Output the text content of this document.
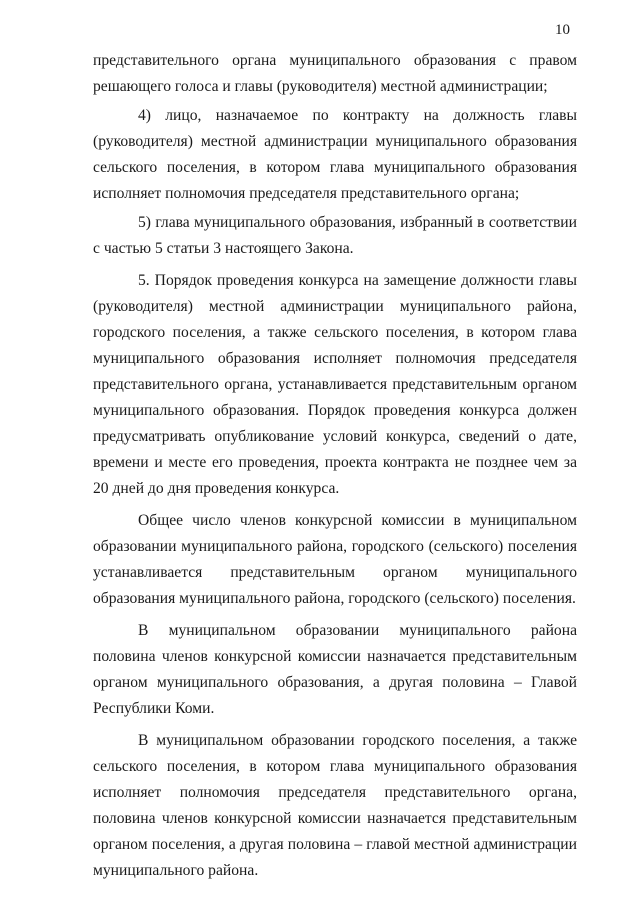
10

представительного органа муниципального образования с правом решающего голоса и главы (руководителя) местной администрации;

4) лицо, назначаемое по контракту на должность главы (руководителя) местной администрации муниципального образования сельского поселения, в котором глава муниципального образования исполняет полномочия председателя представительного органа;

5) глава муниципального образования, избранный в соответствии с частью 5 статьи 3 настоящего Закона.

5. Порядок проведения конкурса на замещение должности главы (руководителя) местной администрации муниципального района, городского поселения, а также сельского поселения, в котором глава муниципального образования исполняет полномочия председателя представительного органа, устанавливается представительным органом муниципального образования. Порядок проведения конкурса должен предусматривать опубликование условий конкурса, сведений о дате, времени и месте его проведения, проекта контракта не позднее чем за 20 дней до дня проведения конкурса.

Общее число членов конкурсной комиссии в муниципальном образовании муниципального района, городского (сельского) поселения устанавливается представительным органом муниципального образования муниципального района, городского (сельского) поселения.

В муниципальном образовании муниципального района половина членов конкурсной комиссии назначается представительным органом муниципального образования, а другая половина – Главой Республики Коми.

В муниципальном образовании городского поселения, а также сельского поселения, в котором глава муниципального образования исполняет полномочия председателя представительного органа, половина членов конкурсной комиссии назначается представительным органом поселения, а другая половина – главой местной администрации муниципального района.
